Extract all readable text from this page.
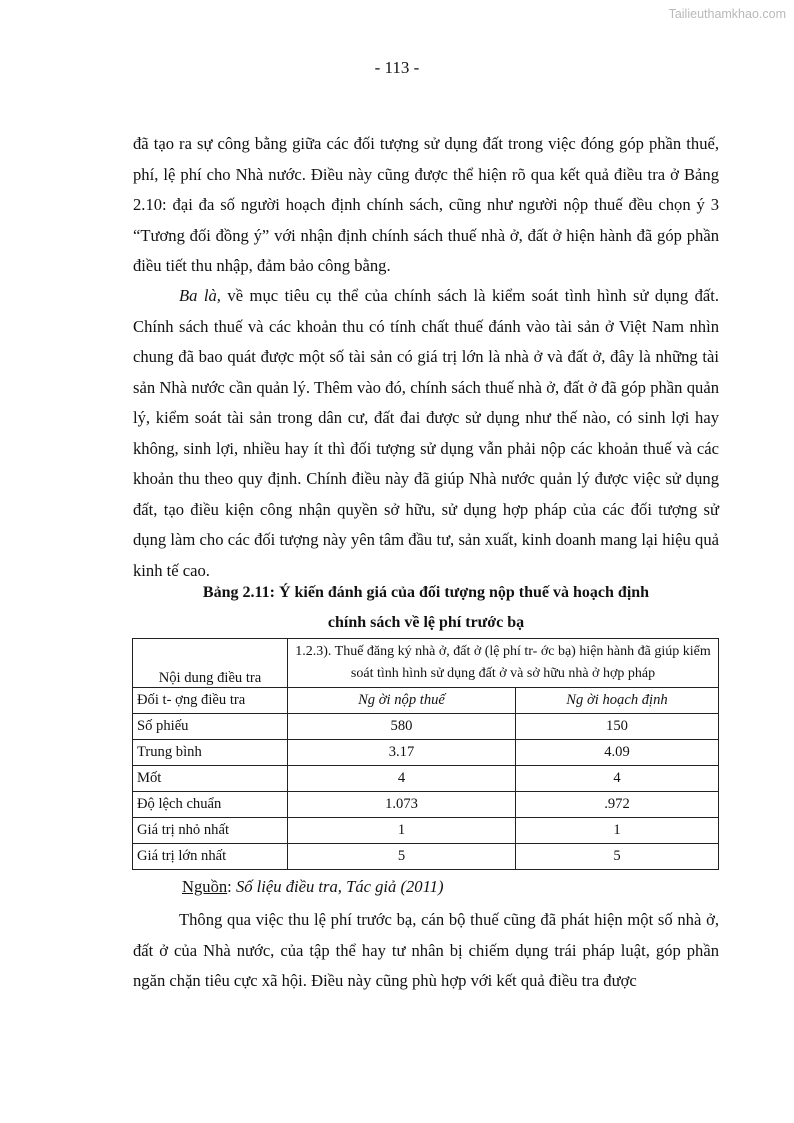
Tailieuthamkhao.com
- 113 -
đã tạo ra sự công bằng giữa các đối tượng sử dụng đất trong việc đóng góp phần thuế, phí, lệ phí cho Nhà nước. Điều này cũng được thể hiện rõ qua kết quả điều tra ở Bảng 2.10: đại đa số người hoạch định chính sách, cũng như người nộp thuế đều chọn ý 3 “Tương đối đồng ý” với nhận định chính sách thuế nhà ở, đất ở hiện hành đã góp phần điều tiết thu nhập, đảm bảo công bằng.
Ba là, về mục tiêu cụ thể của chính sách là kiểm soát tình hình sử dụng đất. Chính sách thuế và các khoản thu có tính chất thuế đánh vào tài sản ở Việt Nam nhìn chung đã bao quát được một số tài sản có giá trị lớn là nhà ở và đất ở, đây là những tài sản Nhà nước cần quản lý. Thêm vào đó, chính sách thuế nhà ở, đất ở đã góp phần quản lý, kiểm soát tài sản trong dân cư, đất đai được sử dụng như thế nào, có sinh lợi hay không, sinh lợi, nhiều hay ít thì đối tượng sử dụng vẫn phải nộp các khoản thuế và các khoản thu theo quy định. Chính điều này đã giúp Nhà nước quản lý được việc sử dụng đất, tạo điều kiện công nhận quyền sở hữu, sử dụng hợp pháp của các đối tượng sử dụng làm cho các đối tượng này yên tâm đầu tư, sản xuất, kinh doanh mang lại hiệu quả kinh tế cao.
Bảng 2.11: Ý kiến đánh giá của đối tượng nộp thuế và hoạch định
chính sách về lệ phí trước bạ
Nội dung điều tra	1.2.3). Thuế đăng ký nhà ở, đất ở (lệ phí tr- ớc bạ) hiện hành đã giúp kiểm soát tình hình sử dụng đất ở và sở hữu nhà ở hợp pháp	
Đối t- ợng điều tra	Ng ời nộp thuế	Ng ời hoạch định
Số phiếu	580	150
Trung bình	3.17	4.09
Mốt	4	4
Độ lệch chuẩn	1.073	.972
Giá trị nhỏ nhất	1	1
Giá trị lớn nhất	5	5
Nguồn: Số liệu điều tra, Tác giả (2011)
Thông qua việc thu lệ phí trước bạ, cán bộ thuế cũng đã phát hiện một số nhà ở, đất ở của Nhà nước, của tập thể hay tư nhân bị chiếm dụng trái pháp luật, góp phần ngăn chặn tiêu cực xã hội. Điều này cũng phù hợp với kết quả điều tra được
